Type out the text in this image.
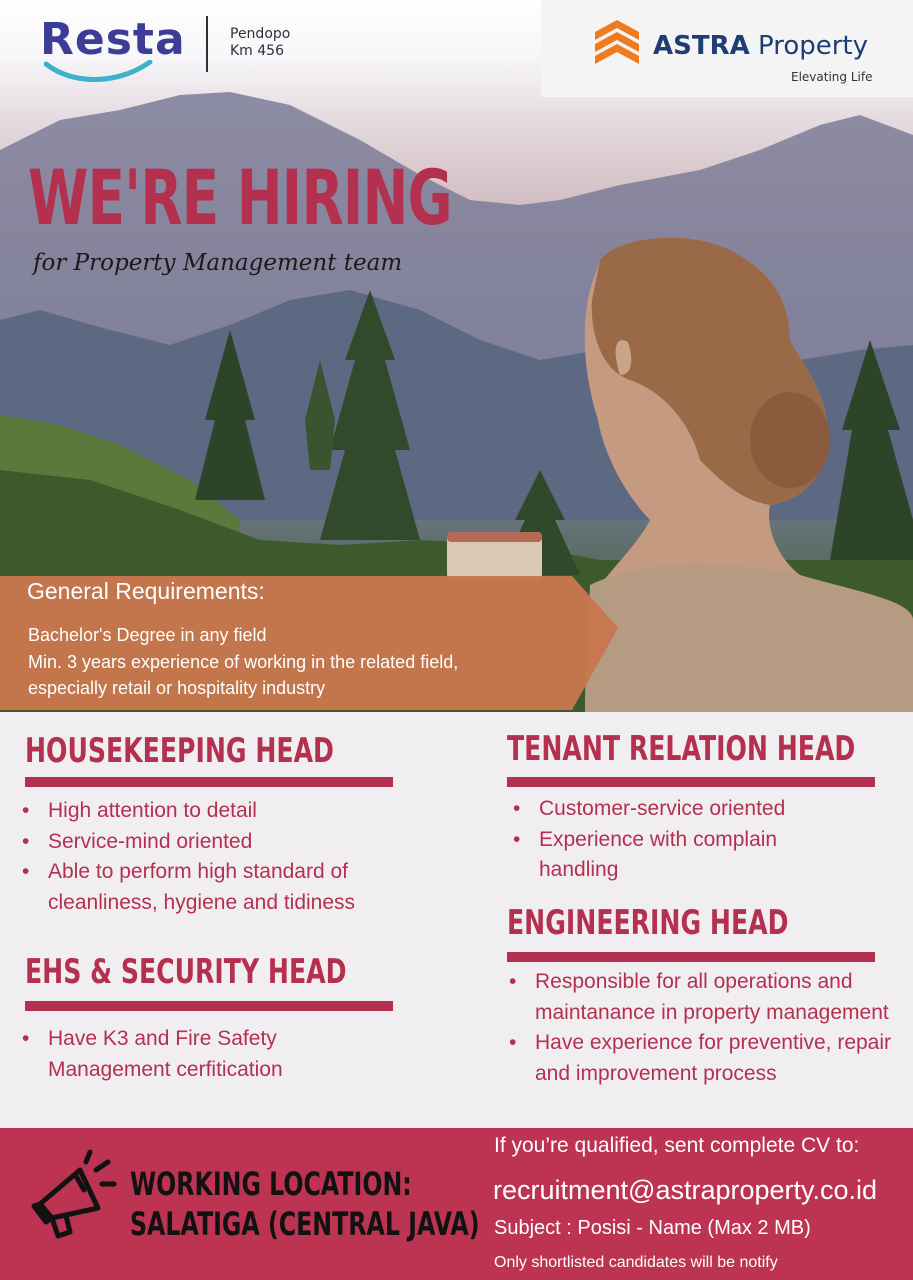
Resta	Pendopo
Km 456	ASTRA Property
Elevating Life
WE'RE HIRING
for Property Management team
General Requirements:
Bachelor's Degree in any field
Min. 3 years experience of working in the related field,
especially retail or hospitality industry
HOUSEKEEPING HEAD
• High attention to detail
• Service-mind oriented
• Able to perform high standard of cleanliness, hygiene and tidiness
EHS & SECURITY HEAD
• Have K3 and Fire Safety Management cerfitication
TENANT RELATION HEAD
• Customer-service oriented
• Experience with complain handling
ENGINEERING HEAD
• Responsible for all operations and maintanance in property management
• Have experience for preventive, repair and improvement process
WORKING LOCATION:
SALATIGA (CENTRAL JAVA)
If you’re qualified, sent complete CV to:
recruitment@astraproperty.co.id
Subject : Posisi - Name (Max 2 MB)
Only shortlisted candidates will be notify
